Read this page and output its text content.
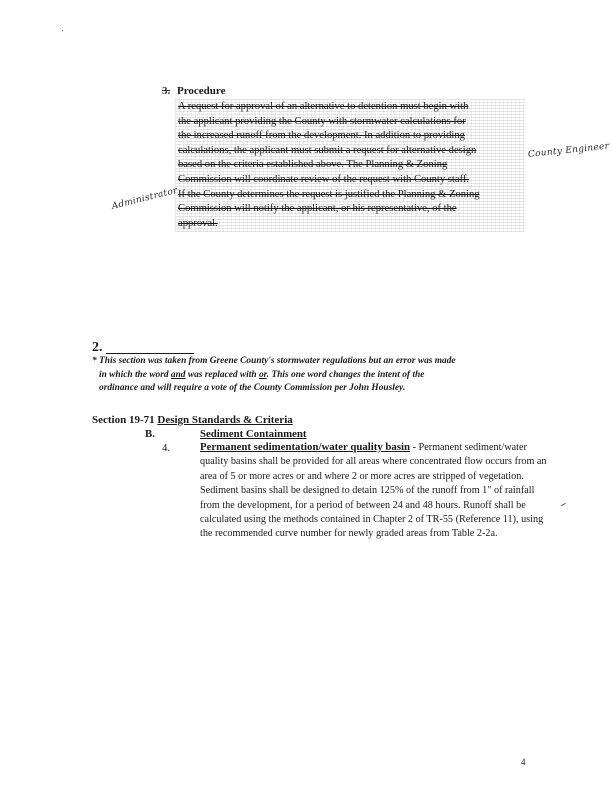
3. Procedure
A request for approval of an alternative to detention must begin with
the applicant providing the County with stormwater calculations for
the increased runoff from the development. In addition to providing
calculations, the applicant must submit a request for alternative design
based on the criteria established above. The Planning & Zoning
Commission will coordinate review of the request with County staff.
If the County determines the request is justified the Planning & Zoning
Commission will notify the applicant, or his representative, of the
approval.
County Engineer
Administrator
2.
* This section was taken from Greene County's stormwater regulations but an error was made
in which the word and was replaced with or. This one word changes the intent of the
ordinance and will require a vote of the County Commission per John Housley.
Section 19-71 Design Standards & Criteria
B.	Sediment Containment
4.	Permanent sedimentation/water quality basin - Permanent sediment/water quality basins shall be provided for all areas where concentrated flow occurs from an area of 5 or more acres or and where 2 or more acres are stripped of vegetation. Sediment basins shall be designed to detain 125% of the runoff from 1" of rainfall from the development, for a period of between 24 and 48 hours. Runoff shall be calculated using the methods contained in Chapter 2 of TR-55 (Reference 11), using the recommended curve number for newly graded areas from Table 2-2a.
4
